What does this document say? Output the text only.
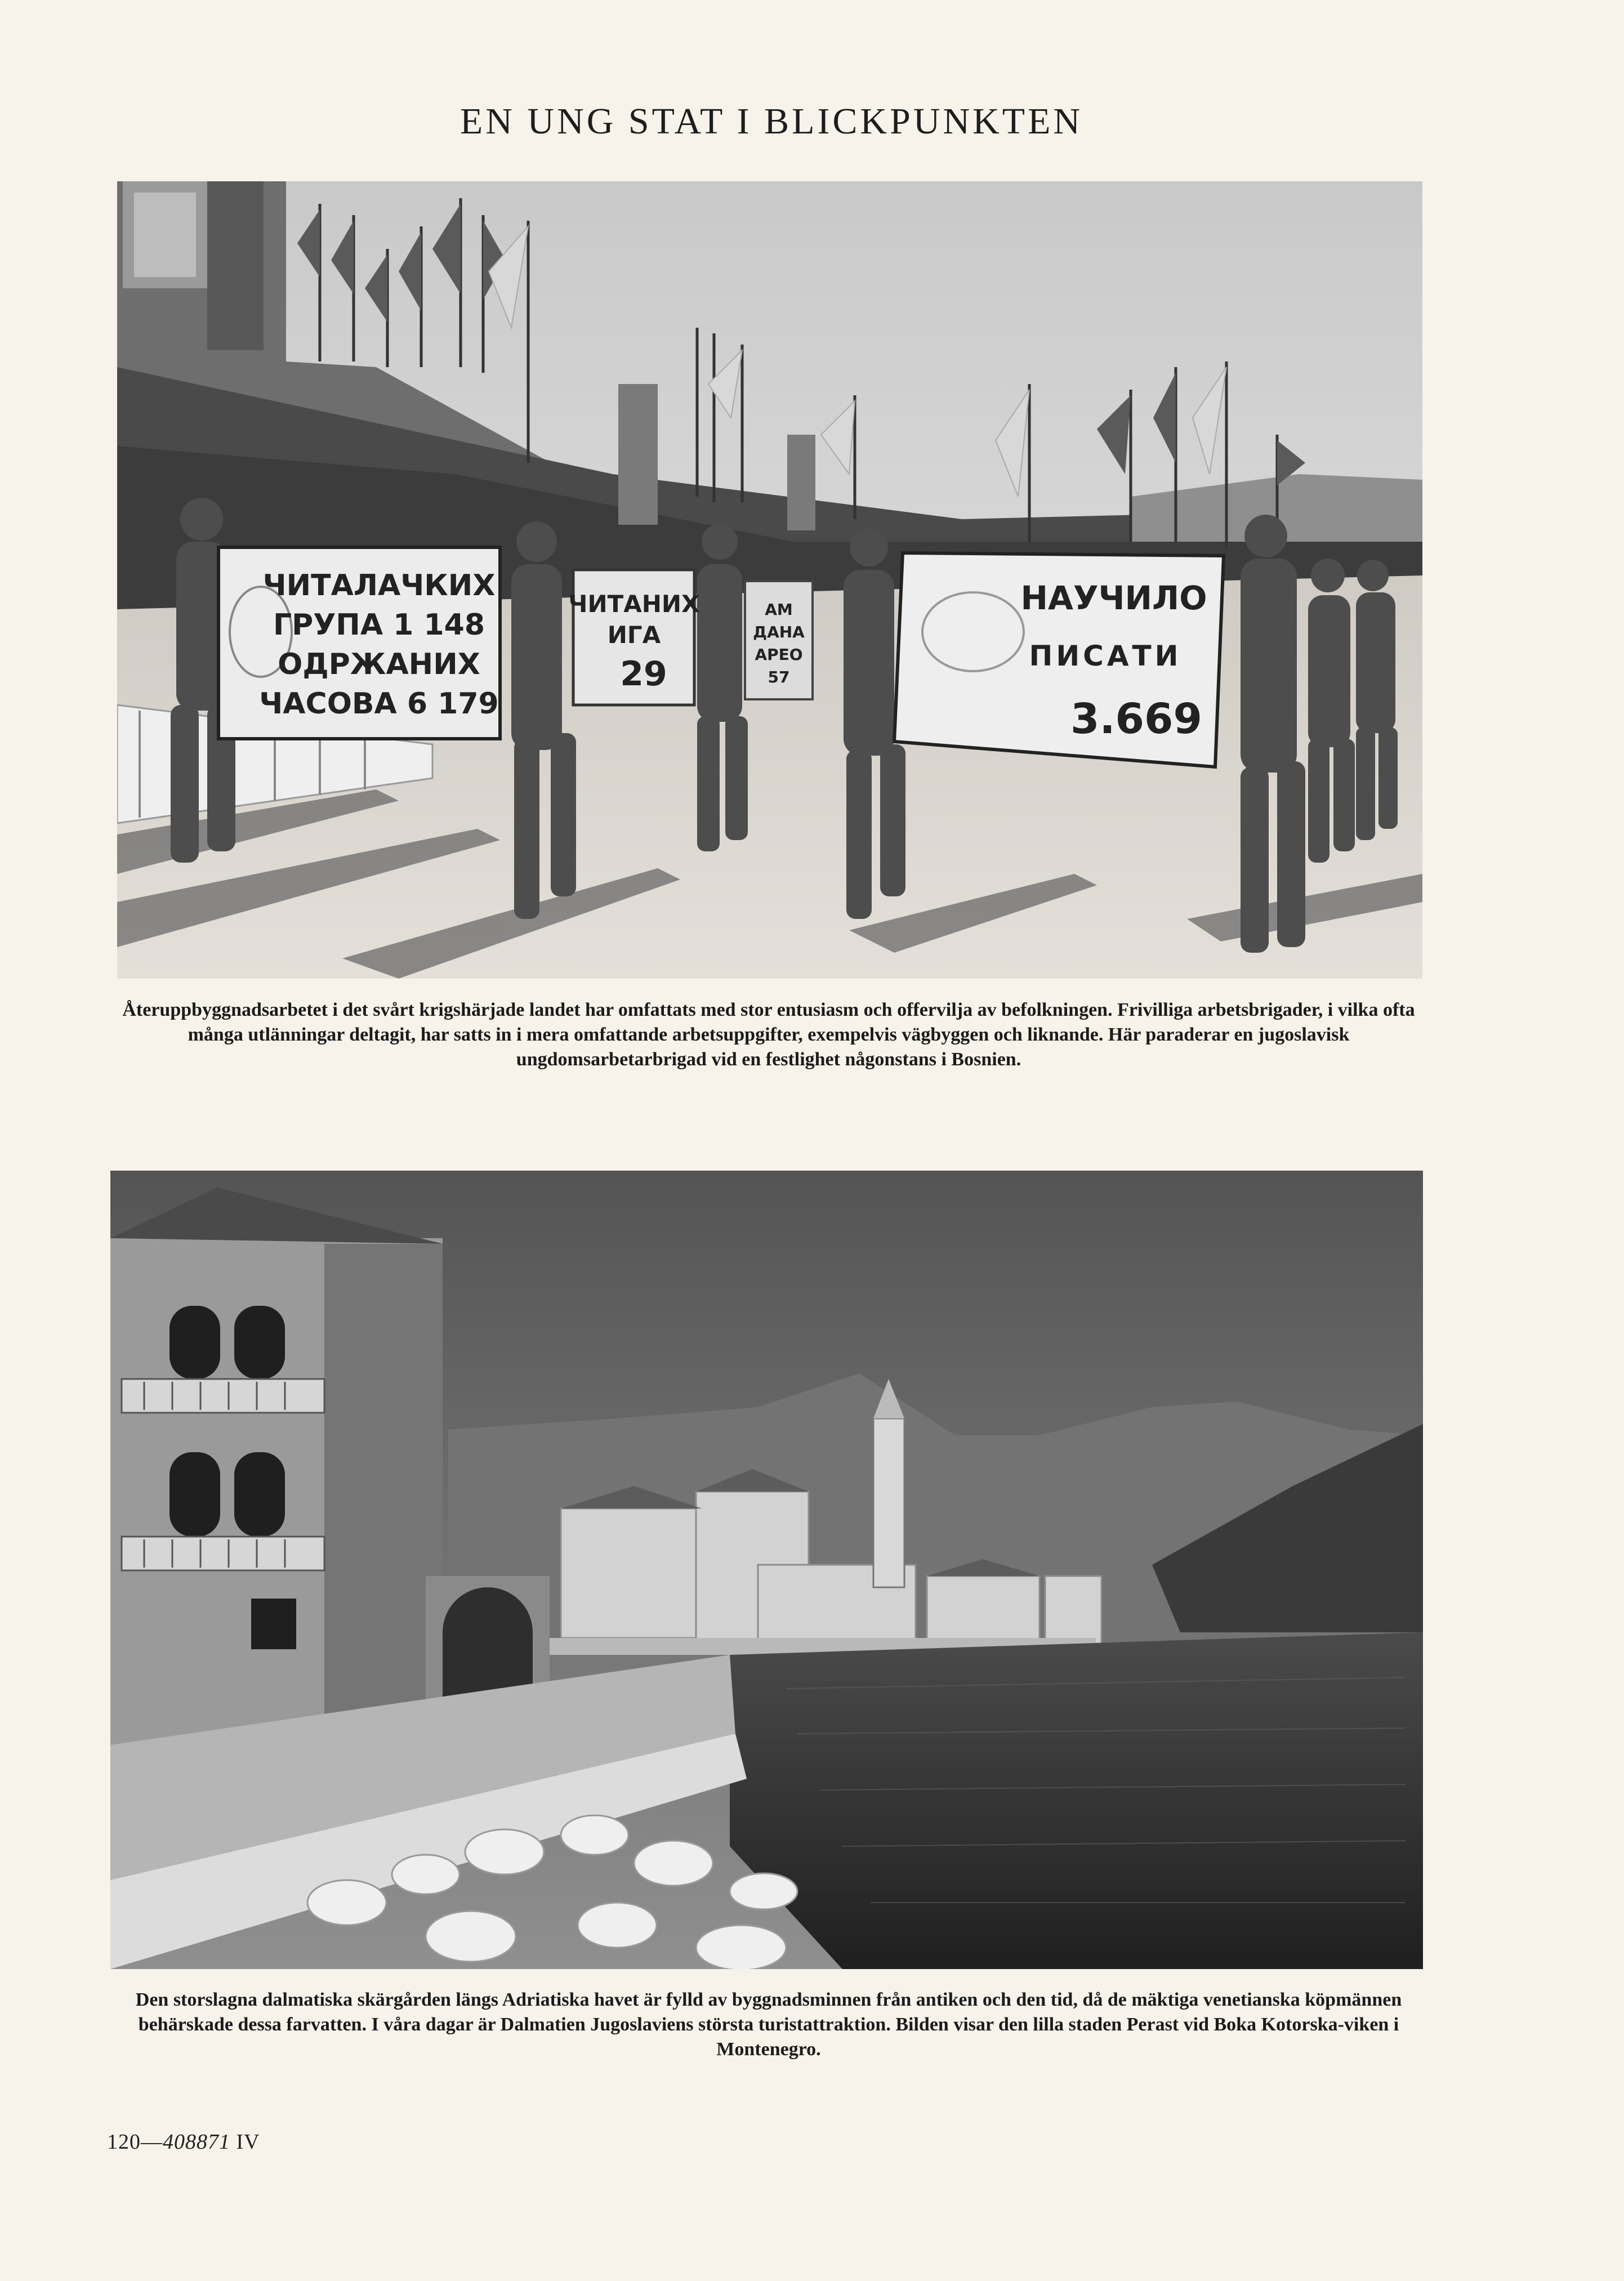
EN UNG STAT I BLICKPUNKTEN
ЧИТАЛАЧКИХ
ГРУПА 1 148
ОДРЖАНИХ
ЧАСОВА 6 179
ЧИТАНИХ
ИГА
29
АМ
ДАНА
АРЕО
57
НАУЧИЛО
ПИСАТИ
3.669

Återuppbyggnadsarbetet i det svårt krigshärjade landet har omfattats med stor entusiasm och offervilja av befolkningen. Frivilliga arbetsbrigader, i vilka ofta många utlänningar deltagit, har satts in i mera omfattande arbetsuppgifter, exempelvis vägbyggen och liknande. Här paraderar en jugoslavisk ungdomsarbetarbrigad vid en festlighet någonstans i Bosnien.

Den storslagna dalmatiska skärgården längs Adriatiska havet är fylld av byggnadsminnen från antiken och den tid, då de mäktiga venetianska köpmännen behärskade dessa farvatten. I våra dagar är Dalmatien Jugoslaviens största turistattraktion. Bilden visar den lilla staden Perast vid Boka Kotorska-viken i Montenegro.

120—408871 IV
